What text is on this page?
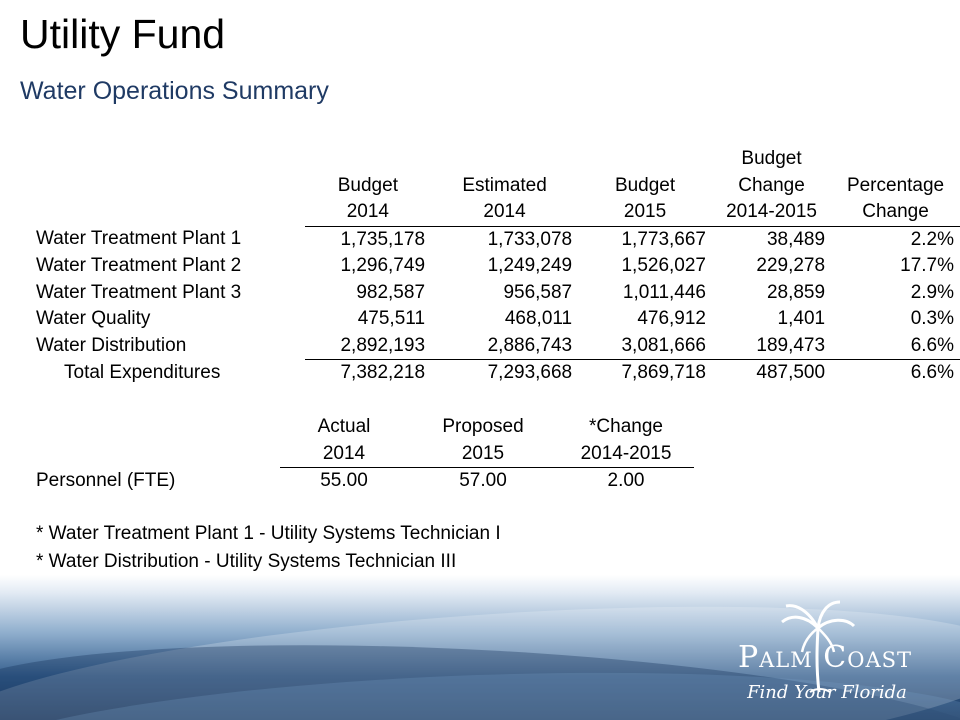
Utility Fund
Water Operations Summary
				Budget	
	Budget	Estimated	Budget	Change	Percentage
	2014	2014	2015	2014-2015	Change
Water Treatment Plant 1	1,735,178	1,733,078	1,773,667	38,489	2.2%
Water Treatment Plant 2	1,296,749	1,249,249	1,526,027	229,278	17.7%
Water Treatment Plant 3	982,587	956,587	1,011,446	28,859	2.9%
Water Quality	475,511	468,011	476,912	1,401	0.3%
Water Distribution	2,892,193	2,886,743	3,081,666	189,473	6.6%
Total Expenditures	7,382,218	7,293,668	7,869,718	487,500	6.6%
	Actual	Proposed	*Change
	2014	2015	2014-2015
Personnel (FTE)	55.00	57.00	2.00
* Water Treatment Plant 1 - Utility Systems Technician I
* Water Distribution - Utility Systems Technician III
Palm Coast
Find Your Florida
